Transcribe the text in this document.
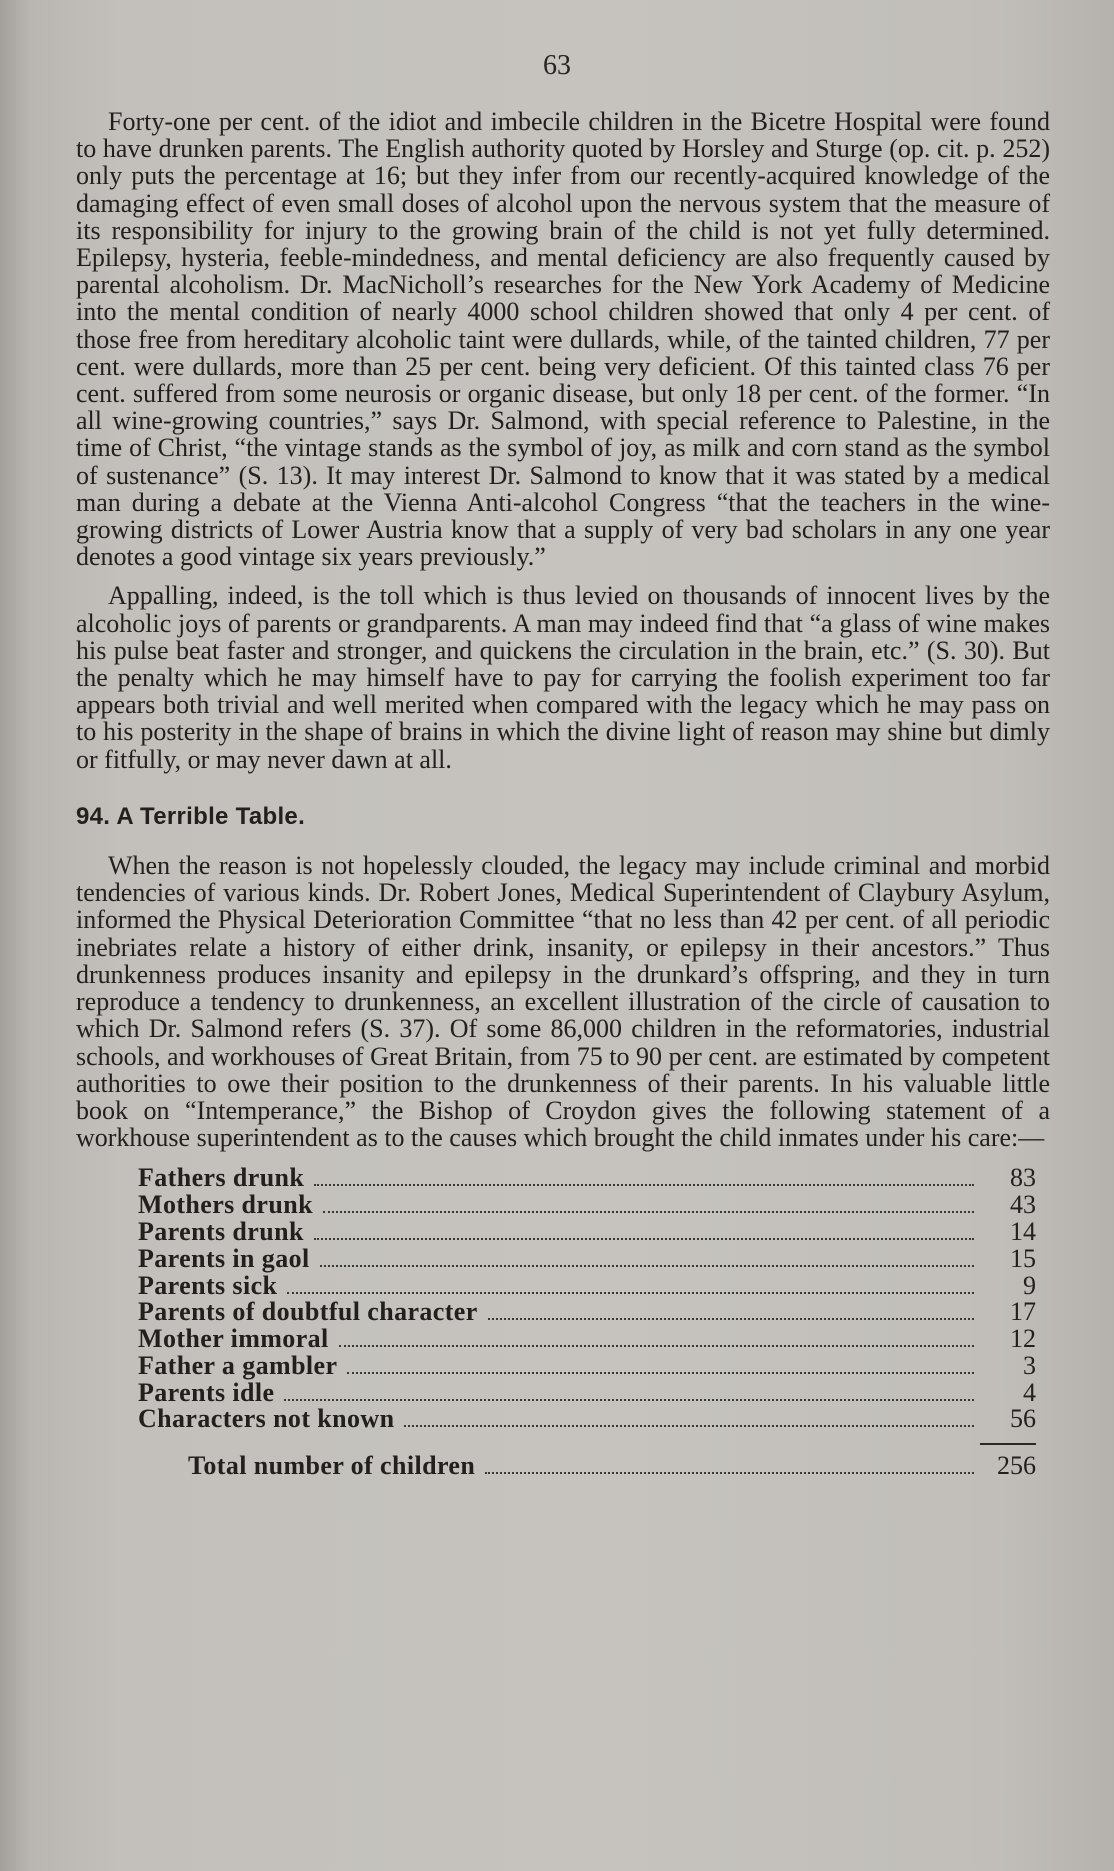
63

Forty-one per cent. of the idiot and imbecile children in the Bicetre Hospital were found to have drunken parents. The English authority quoted by Horsley and Sturge (op. cit. p. 252) only puts the percentage at 16; but they infer from our recently-acquired knowledge of the damaging effect of even small doses of alcohol upon the nervous system that the measure of its responsibility for injury to the growing brain of the child is not yet fully determined. Epilepsy, hysteria, feeble-mindedness, and mental deficiency are also frequently caused by parental alcoholism. Dr. MacNicholl’s researches for the New York Academy of Medicine into the mental condition of nearly 4000 school children showed that only 4 per cent. of those free from hereditary alcoholic taint were dullards, while, of the tainted children, 77 per cent. were dullards, more than 25 per cent. being very deficient. Of this tainted class 76 per cent. suffered from some neurosis or organic disease, but only 18 per cent. of the former. “In all wine-growing countries,” says Dr. Salmond, with special reference to Palestine, in the time of Christ, “the vintage stands as the symbol of joy, as milk and corn stand as the symbol of sustenance” (S. 13). It may interest Dr. Salmond to know that it was stated by a medical man during a debate at the Vienna Anti-alcohol Congress “that the teachers in the wine-growing districts of Lower Austria know that a supply of very bad scholars in any one year denotes a good vintage six years previously.”

Appalling, indeed, is the toll which is thus levied on thousands of innocent lives by the alcoholic joys of parents or grandparents. A man may indeed find that “a glass of wine makes his pulse beat faster and stronger, and quickens the circulation in the brain, etc.” (S. 30). But the penalty which he may himself have to pay for carrying the foolish experiment too far appears both trivial and well merited when compared with the legacy which he may pass on to his posterity in the shape of brains in which the divine light of reason may shine but dimly or fitfully, or may never dawn at all.

94. A Terrible Table.

When the reason is not hopelessly clouded, the legacy may include criminal and morbid tendencies of various kinds. Dr. Robert Jones, Medical Superintendent of Claybury Asylum, informed the Physical Deterioration Committee “that no less than 42 per cent. of all periodic inebriates relate a history of either drink, insanity, or epilepsy in their ancestors.” Thus drunkenness produces insanity and epilepsy in the drunkard’s offspring, and they in turn reproduce a tendency to drunkenness, an excellent illustration of the circle of causation to which Dr. Salmond refers (S. 37). Of some 86,000 children in the reformatories, industrial schools, and workhouses of Great Britain, from 75 to 90 per cent. are estimated by competent authorities to owe their position to the drunkenness of their parents. In his valuable little book on “Intemperance,” the Bishop of Croydon gives the following statement of a workhouse superintendent as to the causes which brought the child inmates under his care:—

Fathers drunk	83
Mothers drunk	43
Parents drunk	14
Parents in gaol	15
Parents sick	9
Parents of doubtful character	17
Mother immoral	12
Father a gambler	3
Parents idle	4
Characters not known	56
Total number of children	256
